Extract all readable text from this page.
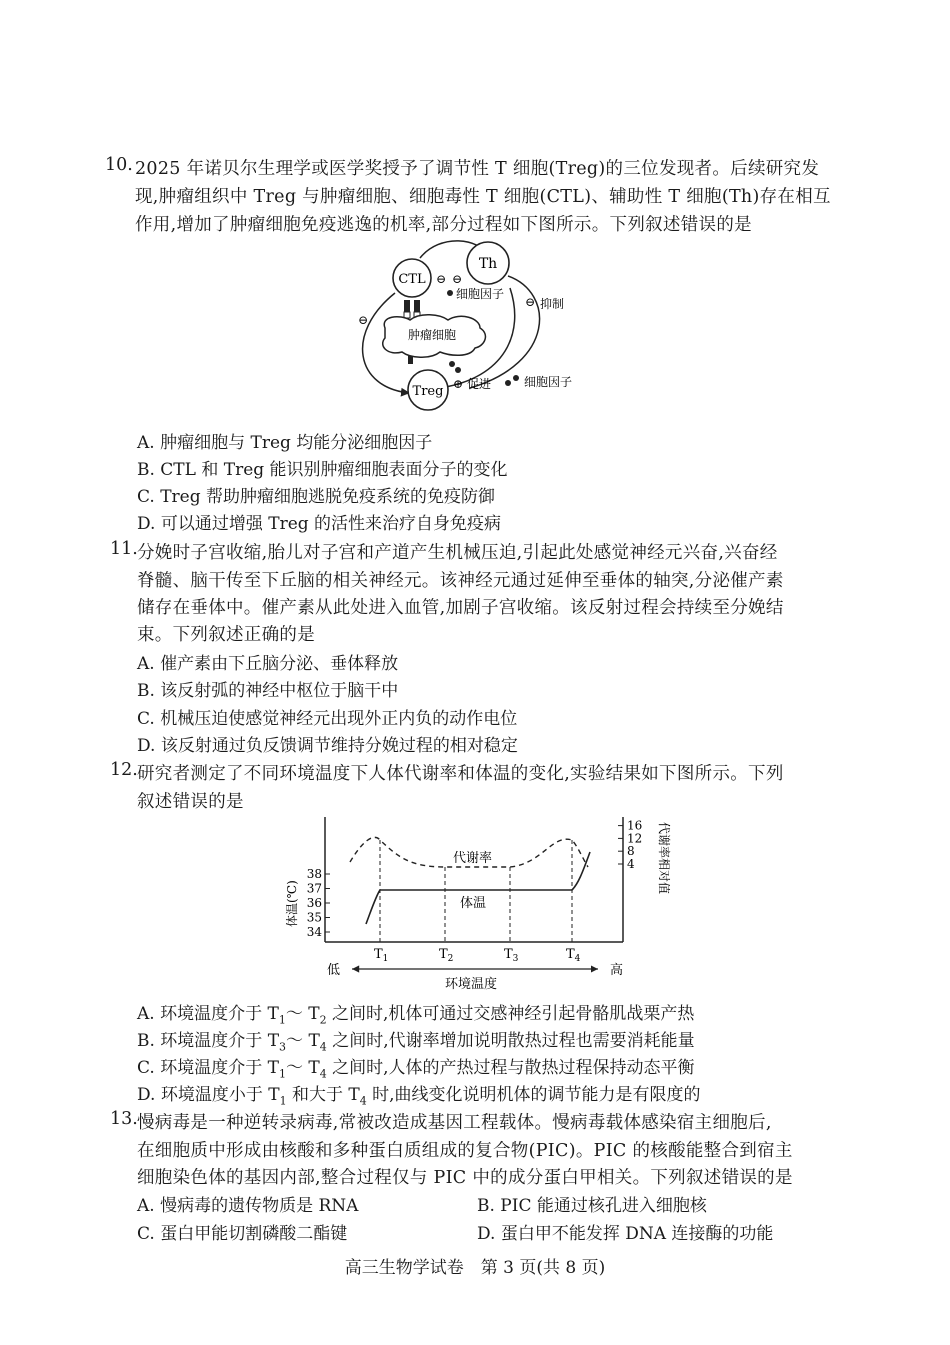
10. 2025 年诺贝尔生理学或医学奖授予了调节性 T 细胞(Treg)的三位发现者。后续研究发
现,肿瘤组织中 Treg 与肿瘤细胞、细胞毒性 T 细胞(CTL)、辅助性 T 细胞(Th)存在相互
作用,增加了肿瘤细胞免疫逃逸的机率,部分过程如下图所示。下列叙述错误的是
⊖
⊖
CTL ⊖ ⊖
Th
细胞因子
抑制
肿瘤细胞
Treg ⊕ 促进	细胞因子
A. 肿瘤细胞与 Treg 均能分泌细胞因子
B. CTL 和 Treg 能识别肿瘤细胞表面分子的变化
C. Treg 帮助肿瘤细胞逃脱免疫系统的免疫防御
D. 可以通过增强 Treg 的活性来治疗自身免疫病
11. 分娩时子宫收缩,胎儿对子宫和产道产生机械压迫,引起此处感觉神经元兴奋,兴奋经
脊髓、脑干传至下丘脑的相关神经元。该神经元通过延伸至垂体的轴突,分泌催产素
储存在垂体中。催产素从此处进入血管,加剧子宫收缩。该反射过程会持续至分娩结
束。下列叙述正确的是
A. 催产素由下丘脑分泌、垂体释放
B. 该反射弧的神经中枢位于脑干中
C. 机械压迫使感觉神经元出现外正内负的动作电位
D. 该反射通过负反馈调节维持分娩过程的相对稳定
12. 研究者测定了不同环境温度下人体代谢率和体温的变化,实验结果如下图所示。下列
叙述错误的是
34
35
36
37
38
4
8
12
16
体温(℃)
代谢率相对值
代谢率
体温
$T_1$	$T_2$	$T_3$	$T_4$
低	高
环境温度
A. 环境温度介于 $T_1\sim$ $T_2$ 之间时,机体可通过交感神经引起骨骼肌战栗产热
B. 环境温度介于 $T_3\sim$ $T_4$ 之间时,代谢率增加说明散热过程也需要消耗能量
C. 环境温度介于 $T_1\sim$ $T_4$ 之间时,人体的产热过程与散热过程保持动态平衡
D. 环境温度小于 $T_1$ 和大于 $T_4$ 时,曲线变化说明机体的调节能力是有限度的
13. 慢病毒是一种逆转录病毒,常被改造成基因工程载体。慢病毒载体感染宿主细胞后,
在细胞质中形成由核酸和多种蛋白质组成的复合物(PIC)。PIC 的核酸能整合到宿主
细胞染色体的基因内部,整合过程仅与 PIC 中的成分蛋白甲相关。下列叙述错误的是
A. 慢病毒的遗传物质是 RNA	B. PIC 能通过核孔进入细胞核
C. 蛋白甲能切割磷酸二酯键	D. 蛋白甲不能发挥 DNA 连接酶的功能
高三生物学试卷　第 3 页(共 8 页)
